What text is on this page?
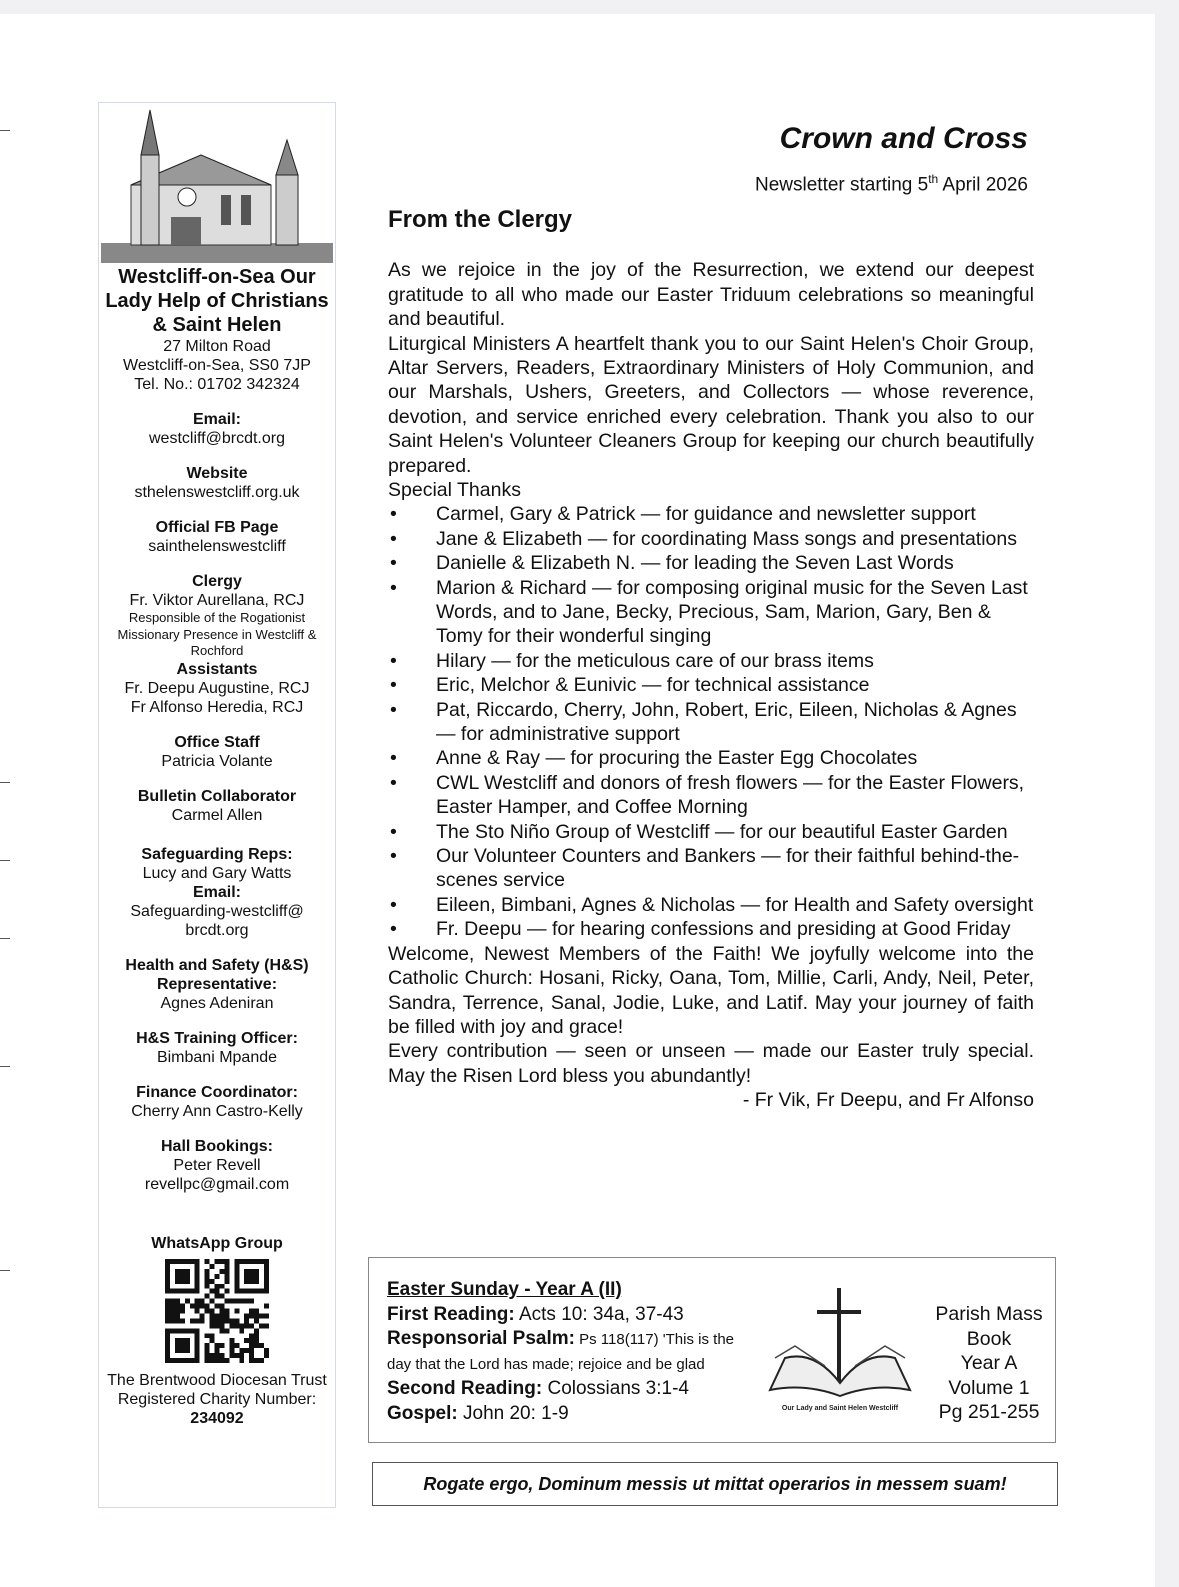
Westcliff-on-Sea Our Lady Help of Christians & Saint Helen
27 Milton Road
Westcliff-on-Sea, SS0 7JP
Tel. No.: 01702 342324
Email:
westcliff@brcdt.org
Website
sthelenswestcliff.org.uk
Official FB Page
sainthelenswestcliff
Clergy
Fr. Viktor Aurellana, RCJ
Responsible of the Rogationist Missionary Presence in Westcliff & Rochford
Assistants
Fr. Deepu Augustine, RCJ
Fr Alfonso Heredia, RCJ
Office Staff
Patricia Volante
Bulletin Collaborator
Carmel Allen
Safeguarding Reps:
Lucy and Gary Watts
Email:
Safeguarding-westcliff@ brcdt.org
Health and Safety (H&S) Representative:
Agnes Adeniran
H&S Training Officer:
Bimbani Mpande
Finance Coordinator:
Cherry Ann Castro-Kelly
Hall Bookings:
Peter Revell
revellpc@gmail.com
WhatsApp Group
The Brentwood Diocesan Trust Registered Charity Number: 234092
Crown and Cross
Newsletter starting 5th April 2026
From the Clergy

As we rejoice in the joy of the Resurrection, we extend our deepest gratitude to all who made our Easter Triduum celebrations so meaningful and beautiful.

Liturgical Ministers A heartfelt thank you to our Saint Helen's Choir Group, Altar Servers, Readers, Extraordinary Ministers of Holy Communion, and our Marshals, Ushers, Greeters, and Collectors — whose reverence, devotion, and service enriched every celebration. Thank you also to our Saint Helen's Volunteer Cleaners Group for keeping our church beautifully prepared.

Special Thanks

• Carmel, Gary & Patrick — for guidance and newsletter support
• Jane & Elizabeth — for coordinating Mass songs and presentations
• Danielle & Elizabeth N. — for leading the Seven Last Words
• Marion & Richard — for composing original music for the Seven Last Words, and to Jane, Becky, Precious, Sam, Marion, Gary, Ben & Tomy for their wonderful singing
• Hilary — for the meticulous care of our brass items
• Eric, Melchor & Eunivic — for technical assistance
• Pat, Riccardo, Cherry, John, Robert, Eric, Eileen, Nicholas & Agnes — for administrative support
• Anne & Ray — for procuring the Easter Egg Chocolates
• CWL Westcliff and donors of fresh flowers — for the Easter Flowers, Easter Hamper, and Coffee Morning
• The Sto Niño Group of Westcliff — for our beautiful Easter Garden
• Our Volunteer Counters and Bankers — for their faithful behind-the-scenes service
• Eileen, Bimbani, Agnes & Nicholas — for Health and Safety oversight
• Fr. Deepu — for hearing confessions and presiding at Good Friday

Welcome, Newest Members of the Faith! We joyfully welcome into the Catholic Church: Hosani, Ricky, Oana, Tom, Millie, Carli, Andy, Neil, Peter, Sandra, Terrence, Sanal, Jodie, Luke, and Latif. May your journey of faith be filled with joy and grace!

Every contribution — seen or unseen — made our Easter truly special. May the Risen Lord bless you abundantly!

- Fr Vik, Fr Deepu, and Fr Alfonso
Easter Sunday - Year A (II)
First Reading: Acts 10: 34a, 37-43
Responsorial Psalm: Ps 118(117) 'This is the
day that the Lord has made; rejoice and be glad
Second Reading: Colossians 3:1-4
Gospel: John 20: 1-9	Our Lady and Saint Helen Westcliff
Parish Mass
Book
Year A
Volume 1
Pg 251-255
Rogate ergo, Dominum messis ut mittat operarios in messem suam!
